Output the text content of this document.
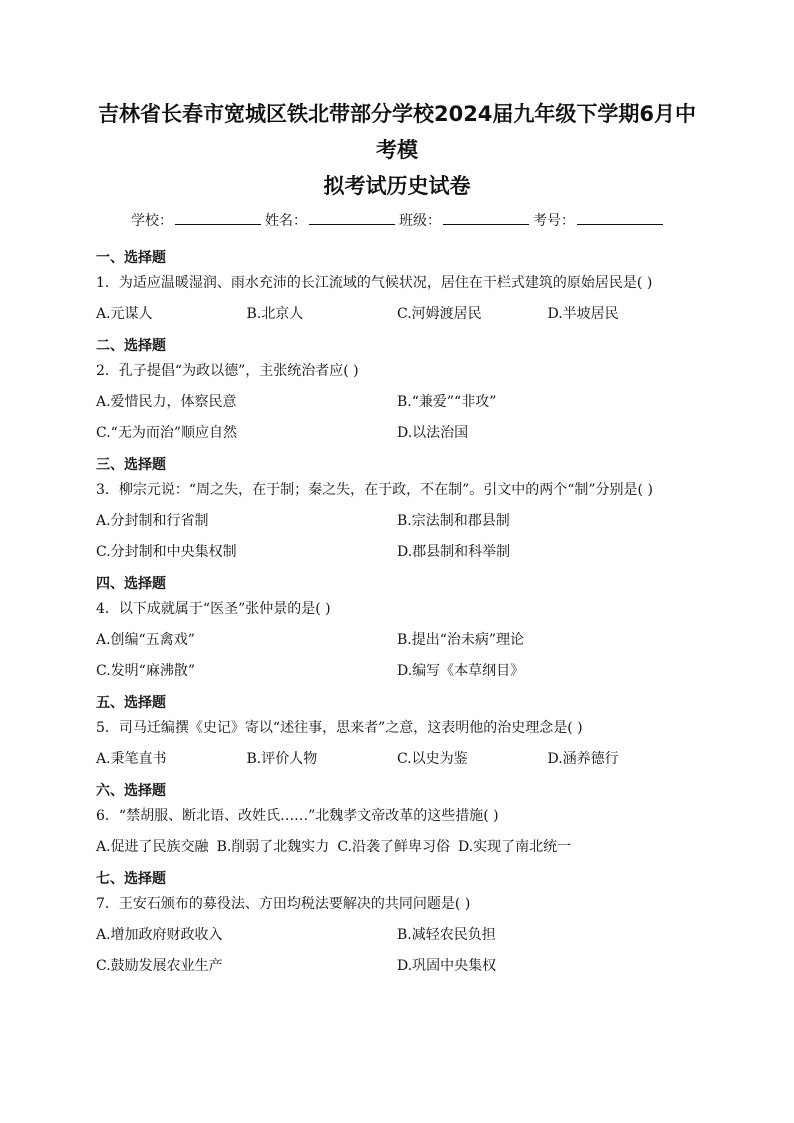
吉林省长春市宽城区铁北带部分学校2024届九年级下学期6月中考模
拟考试历史试卷
学校：	姓名：	班级：	考号：

一、选择题

1．为适应温暖湿润、雨水充沛的长江流域的气候状况，居住在干栏式建筑的原始居民是( )

A.元谋人	B.北京人	C.河姆渡居民	D.半坡居民

二、选择题

2．孔子提倡“为政以德”，主张统治者应( )

A.爱惜民力，体察民意	B.“兼爱”“非攻”
C.“无为而治”顺应自然	D.以法治国

三、选择题

3．柳宗元说：“周之失，在于制；秦之失，在于政，不在制”。引文中的两个“制”分别是( )

A.分封制和行省制	B.宗法制和郡县制
C.分封制和中央集权制	D.郡县制和科举制

四、选择题

4．以下成就属于“医圣”张仲景的是( )

A.创编“五禽戏”	B.提出“治未病”理论
C.发明“麻沸散”	D.编写《本草纲目》

五、选择题

5．司马迁编撰《史记》寄以“述往事，思来者”之意，这表明他的治史理念是( )

A.秉笔直书	B.评价人物	C.以史为鉴	D.涵养德行

六、选择题

6．“禁胡服、断北语、改姓氏……”北魏孝文帝改革的这些措施( )

A.促进了民族交融 B.削弱了北魏实力 C.沿袭了鲜卑习俗 D.实现了南北统一

七、选择题

7．王安石颁布的募役法、方田均税法要解决的共同问题是( )

A.增加政府财政收入	B.减轻农民负担
C.鼓励发展农业生产	D.巩固中央集权
